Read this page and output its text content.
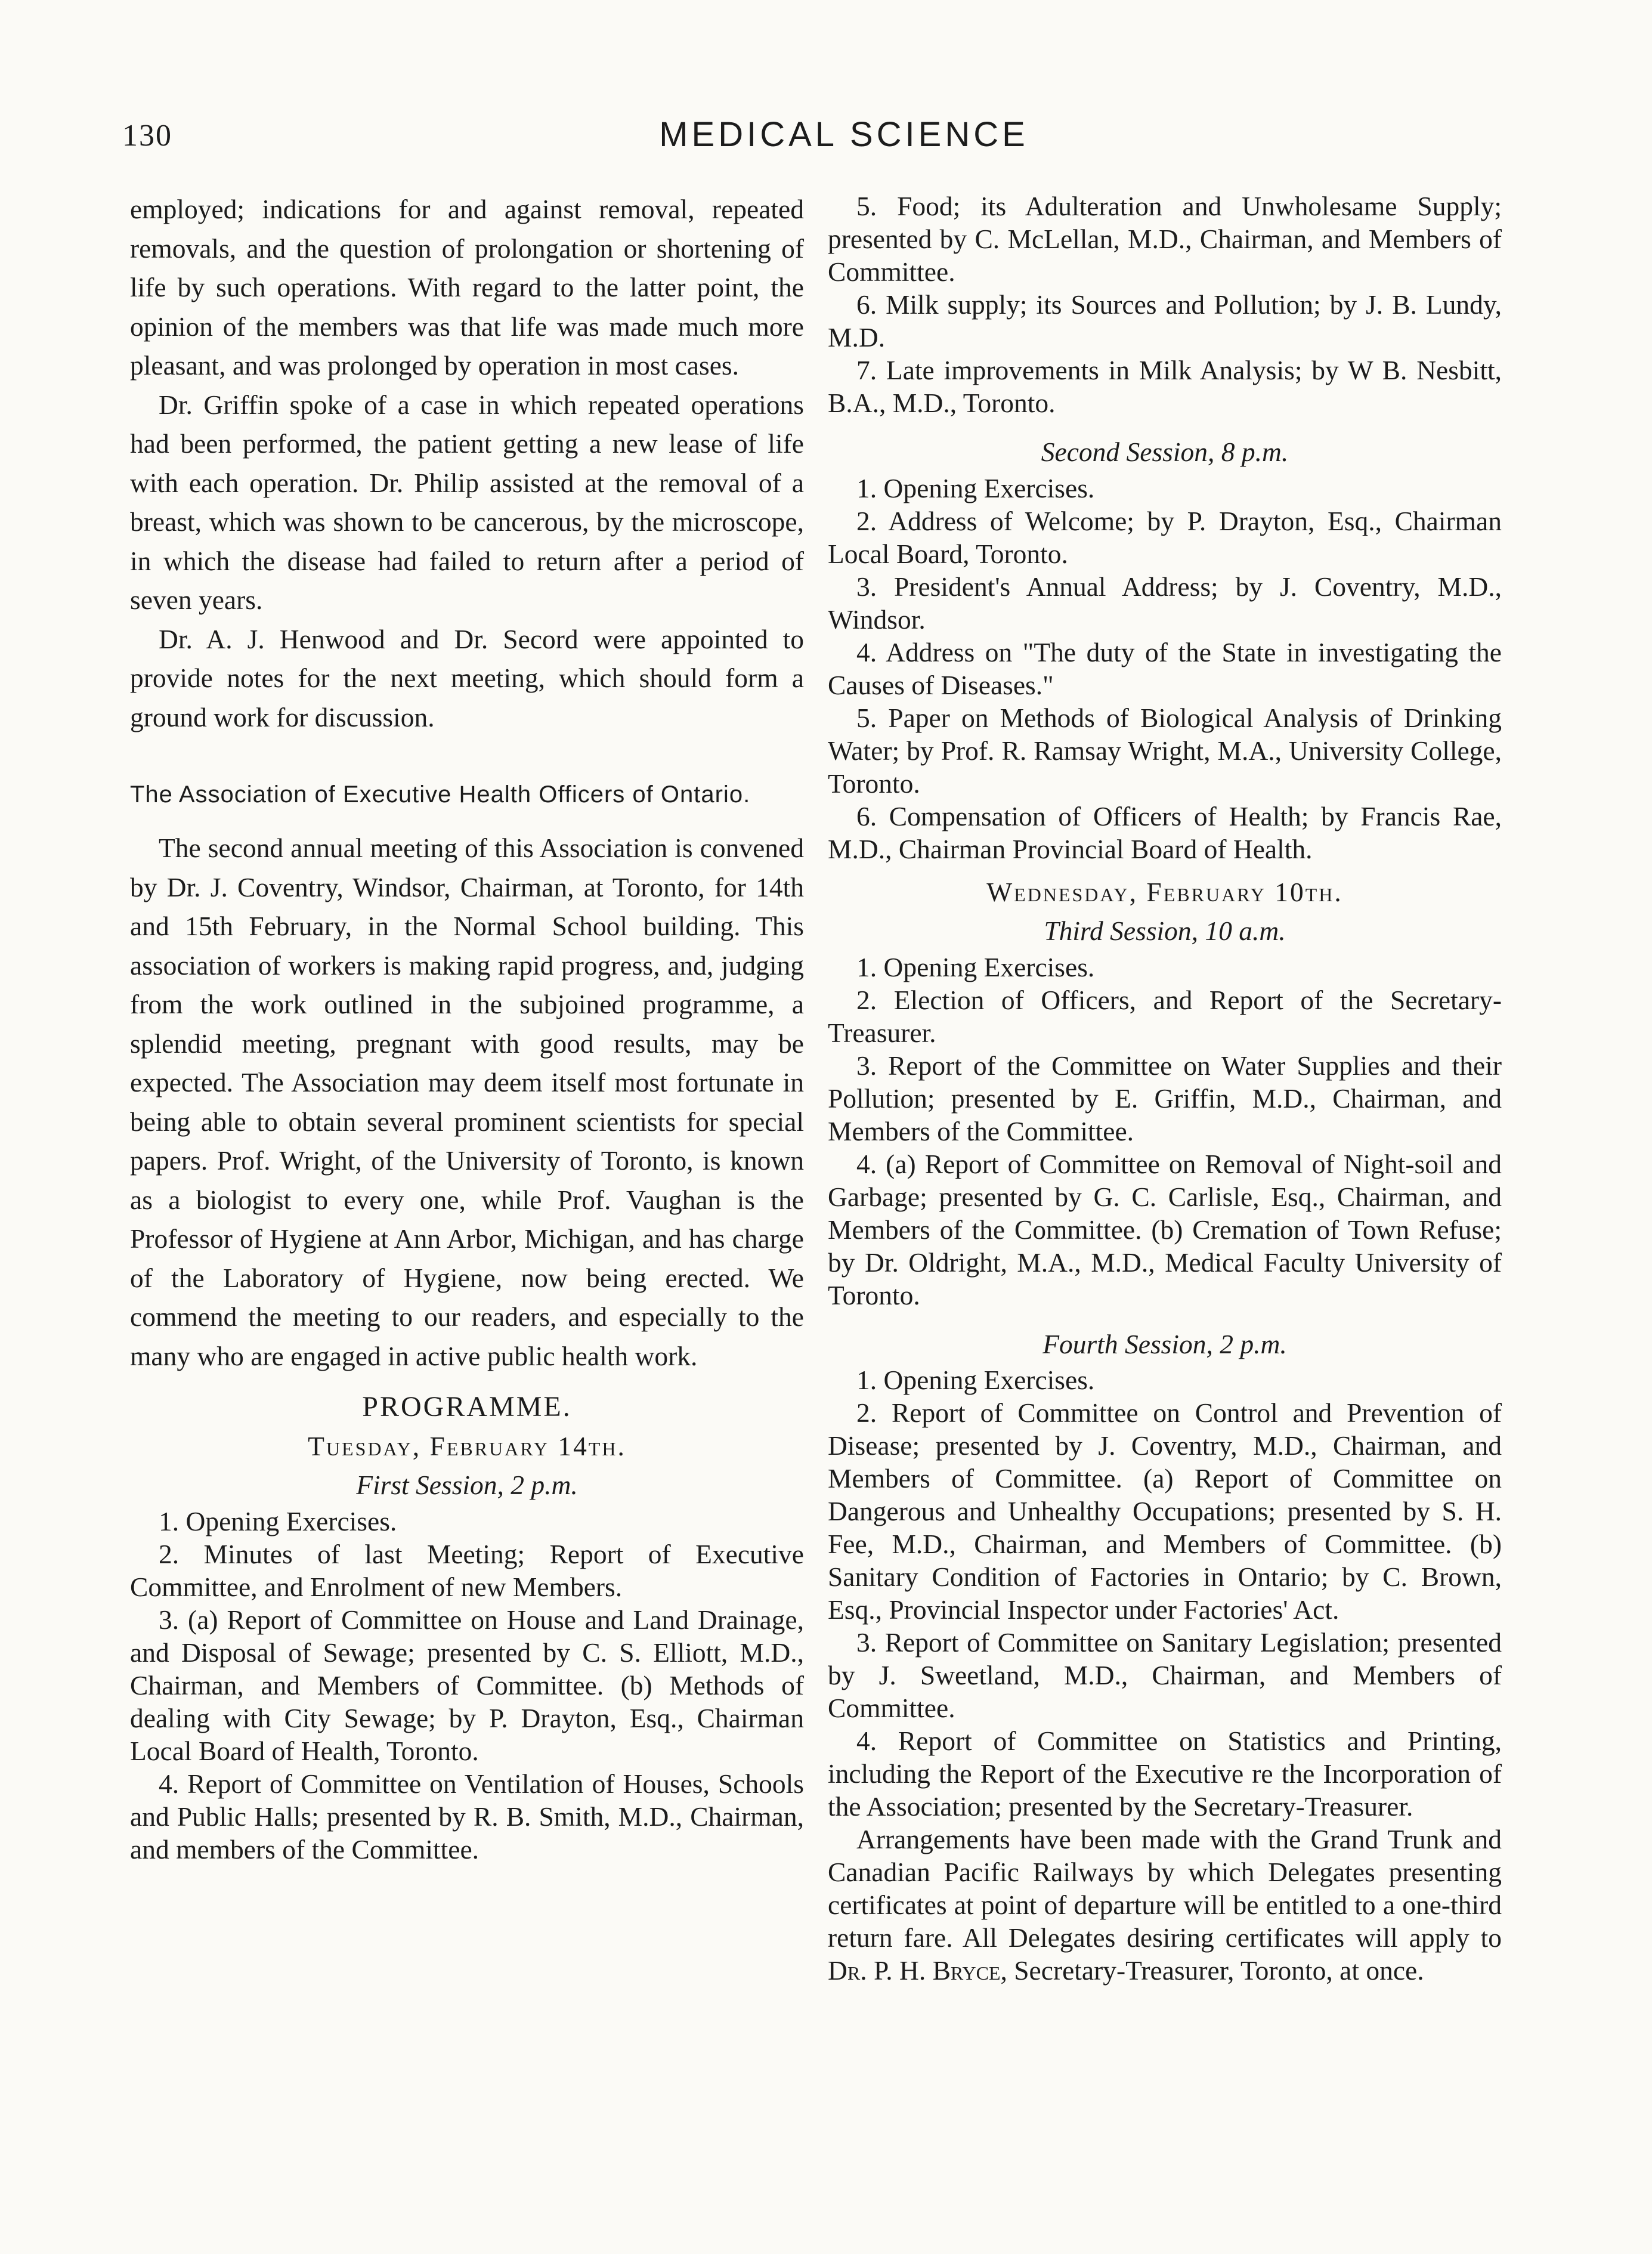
130	MEDICAL SCIENCE

employed; indications for and against removal, repeated removals, and the question of prolongation or shortening of life by such operations. With regard to the latter point, the opinion of the members was that life was made much more pleasant, and was prolonged by operation in most cases.

Dr. Griffin spoke of a case in which repeated operations had been performed, the patient getting a new lease of life with each operation. Dr. Philip assisted at the removal of a breast, which was shown to be cancerous, by the microscope, in which the disease had failed to return after a period of seven years.

Dr. A. J. Henwood and Dr. Secord were appointed to provide notes for the next meeting, which should form a ground work for discussion.

The Association of Executive Health Officers of Ontario.

The second annual meeting of this Association is convened by Dr. J. Coventry, Windsor, Chairman, at Toronto, for 14th and 15th February, in the Normal School building. This association of workers is making rapid progress, and, judging from the work outlined in the subjoined programme, a splendid meeting, pregnant with good results, may be expected. The Association may deem itself most fortunate in being able to obtain several prominent scientists for special papers. Prof. Wright, of the University of Toronto, is known as a biologist to every one, while Prof. Vaughan is the Professor of Hygiene at Ann Arbor, Michigan, and has charge of the Laboratory of Hygiene, now being erected. We commend the meeting to our readers, and especially to the many who are engaged in active public health work.

PROGRAMME.
Tuesday, February 14th.
First Session, 2 p.m.

1. Opening Exercises.

2. Minutes of last Meeting; Report of Executive Committee, and Enrolment of new Members.

3. (a) Report of Committee on House and Land Drainage, and Disposal of Sewage; presented by C. S. Elliott, M.D., Chairman, and Members of Committee. (b) Methods of dealing with City Sewage; by P. Drayton, Esq., Chairman Local Board of Health, Toronto.

4. Report of Committee on Ventilation of Houses, Schools and Public Halls; presented by R. B. Smith, M.D., Chairman, and members of the Committee.

5. Food; its Adulteration and Unwholesame Supply; presented by C. McLellan, M.D., Chairman, and Members of Committee.

6. Milk supply; its Sources and Pollution; by J. B. Lundy, M.D.

7. Late improvements in Milk Analysis; by W B. Nesbitt, B.A., M.D., Toronto.

Second Session, 8 p.m.

1. Opening Exercises.

2. Address of Welcome; by P. Drayton, Esq., Chairman Local Board, Toronto.

3. President's Annual Address; by J. Coventry, M.D., Windsor.

4. Address on "The duty of the State in investigating the Causes of Diseases."

5. Paper on Methods of Biological Analysis of Drinking Water; by Prof. R. Ramsay Wright, M.A., University College, Toronto.

6. Compensation of Officers of Health; by Francis Rae, M.D., Chairman Provincial Board of Health.

Wednesday, February 10th.
Third Session, 10 a.m.

1. Opening Exercises.

2. Election of Officers, and Report of the Secretary-Treasurer.

3. Report of the Committee on Water Supplies and their Pollution; presented by E. Griffin, M.D., Chairman, and Members of the Committee.

4. (a) Report of Committee on Removal of Night-soil and Garbage; presented by G. C. Carlisle, Esq., Chairman, and Members of the Committee. (b) Cremation of Town Refuse; by Dr. Oldright, M.A., M.D., Medical Faculty University of Toronto.

Fourth Session, 2 p.m.

1. Opening Exercises.

2. Report of Committee on Control and Prevention of Disease; presented by J. Coventry, M.D., Chairman, and Members of Committee. (a) Report of Committee on Dangerous and Unhealthy Occupations; presented by S. H. Fee, M.D., Chairman, and Members of Committee. (b) Sanitary Condition of Factories in Ontario; by C. Brown, Esq., Provincial Inspector under Factories' Act.

3. Report of Committee on Sanitary Legislation; presented by J. Sweetland, M.D., Chairman, and Members of Committee.

4. Report of Committee on Statistics and Printing, including the Report of the Executive re the Incorporation of the Association; presented by the Secretary-Treasurer.

Arrangements have been made with the Grand Trunk and Canadian Pacific Railways by which Delegates presenting certificates at point of departure will be entitled to a one-third return fare. All Delegates desiring certificates will apply to Dr. P. H. Bryce, Secretary-Treasurer, Toronto, at once.
